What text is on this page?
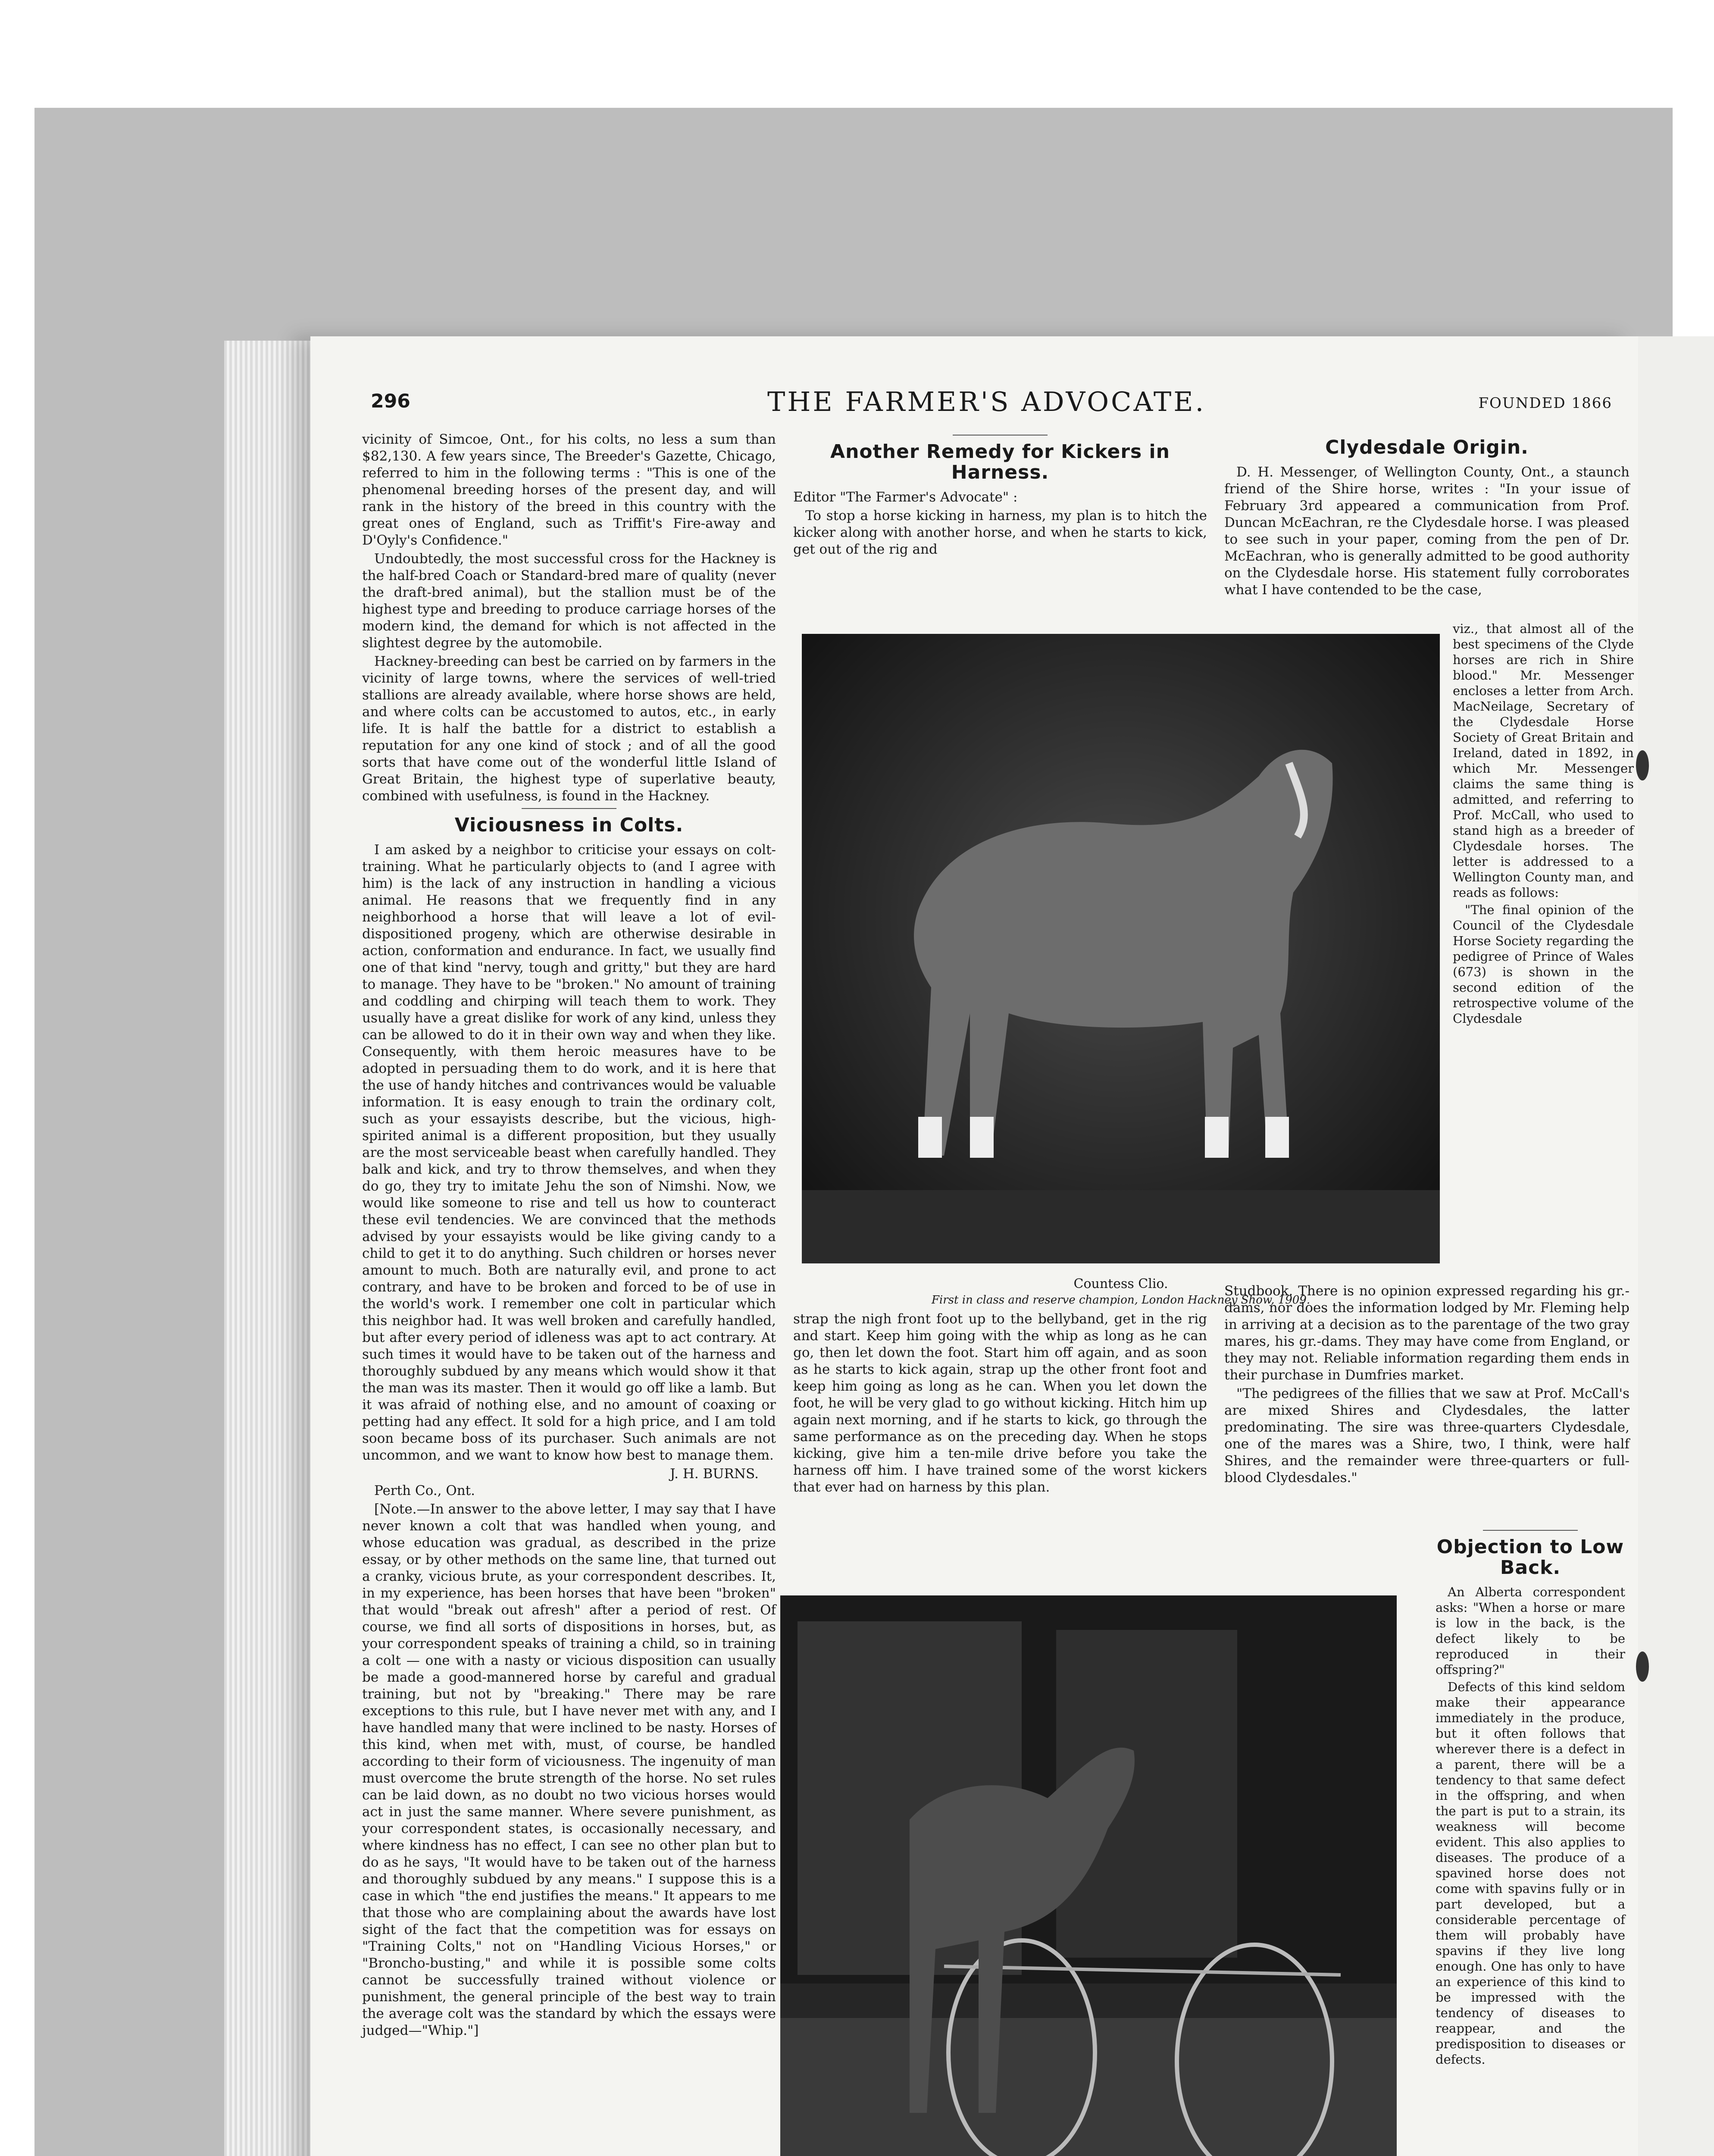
296	THE FARMER'S ADVOCATE.	FOUNDED 1866

vicinity of Simcoe, Ont., for his colts, no less a sum than $82,130. A few years since, The Breeder's Gazette, Chicago, referred to him in the following terms : "This is one of the phenomenal breeding horses of the present day, and will rank in the history of the breed in this country with the great ones of England, such as Triffit's Fire-away and D'Oyly's Confidence."

Undoubtedly, the most successful cross for the Hackney is the half-bred Coach or Standard-bred mare of quality (never the draft-bred animal), but the stallion must be of the highest type and breeding to produce carriage horses of the modern kind, the demand for which is not affected in the slightest degree by the automobile.

Hackney-breeding can best be carried on by farmers in the vicinity of large towns, where the services of well-tried stallions are already available, where horse shows are held, and where colts can be accustomed to autos, etc., in early life. It is half the battle for a district to establish a reputation for any one kind of stock ; and of all the good sorts that have come out of the wonderful little Island of Great Britain, the highest type of superlative beauty, combined with usefulness, is found in the Hackney.

Viciousness in Colts.

I am asked by a neighbor to criticise your essays on colt-training. What he particularly objects to (and I agree with him) is the lack of any instruction in handling a vicious animal. He reasons that we frequently find in any neighborhood a horse that will leave a lot of evil-dispositioned progeny, which are otherwise desirable in action, conformation and endurance. In fact, we usually find one of that kind "nervy, tough and gritty," but they are hard to manage. They have to be "broken." No amount of training and coddling and chirping will teach them to work. They usually have a great dislike for work of any kind, unless they can be allowed to do it in their own way and when they like. Consequently, with them heroic measures have to be adopted in persuading them to do work, and it is here that the use of handy hitches and contrivances would be valuable information. It is easy enough to train the ordinary colt, such as your essayists describe, but the vicious, high-spirited animal is a different proposition, but they usually are the most serviceable beast when carefully handled. They balk and kick, and try to throw themselves, and when they do go, they try to imitate Jehu the son of Nimshi. Now, we would like someone to rise and tell us how to counteract these evil tendencies. We are convinced that the methods advised by your essayists would be like giving candy to a child to get it to do anything. Such children or horses never amount to much. Both are naturally evil, and prone to act contrary, and have to be broken and forced to be of use in the world's work. I remember one colt in particular which this neighbor had. It was well broken and carefully handled, but after every period of idleness was apt to act contrary. At such times it would have to be taken out of the harness and thoroughly subdued by any means which would show it that the man was its master. Then it would go off like a lamb. But it was afraid of nothing else, and no amount of coaxing or petting had any effect. It sold for a high price, and I am told soon became boss of its purchaser. Such animals are not uncommon, and we want to know how best to manage them.

J. H. BURNS.

Perth Co., Ont.

[Note.—In answer to the above letter, I may say that I have never known a colt that was handled when young, and whose education was gradual, as described in the prize essay, or by other methods on the same line, that turned out a cranky, vicious brute, as your correspondent describes. It, in my experience, has been horses that have been "broken" that would "break out afresh" after a period of rest. Of course, we find all sorts of dispositions in horses, but, as your correspondent speaks of training a child, so in training a colt — one with a nasty or vicious disposition can usually be made a good-mannered horse by careful and gradual training, but not by "breaking." There may be rare exceptions to this rule, but I have never met with any, and I have handled many that were inclined to be nasty. Horses of this kind, when met with, must, of course, be handled according to their form of viciousness. The ingenuity of man must overcome the brute strength of the horse. No set rules can be laid down, as no doubt no two vicious horses would act in just the same manner. Where severe punishment, as your correspondent states, is occasionally necessary, and where kindness has no effect, I can see no other plan but to do as he says, "It would have to be taken out of the harness and thoroughly subdued by any means." I suppose this is a case in which "the end justifies the means." It appears to me that those who are complaining about the awards have lost sight of the fact that the competition was for essays on "Training Colts," not on "Handling Vicious Horses," or "Broncho-busting," and while it is possible some colts cannot be successfully trained without violence or punishment, the general principle of the best way to train the average colt was the standard by which the essays were judged—"Whip."]

Another Remedy for Kickers in Harness.

Editor "The Farmer's Advocate" :

To stop a horse kicking in harness, my plan is to hitch the kicker along with another horse, and when he starts to kick, get out of the rig and

Countess Clio.
First in class and reserve champion, London Hackney Show, 1909.

strap the nigh front foot up to the bellyband, get in the rig and start. Keep him going with the whip as long as he can go, then let down the foot. Start him off again, and as soon as he starts to kick again, strap up the other front foot and keep him going as long as he can. When you let down the foot, he will be very glad to go without kicking. Hitch him up again next morning, and if he starts to kick, go through the same performance as on the preceding day. When he stops kicking, give him a ten-mile drive before you take the harness off him. I have trained some of the worst kickers that ever had on harness by this plan.

Clydesdale Origin.

D. H. Messenger, of Wellington County, Ont., a staunch friend of the Shire horse, writes : "In your issue of February 3rd appeared a communication from Prof. Duncan McEachran, re the Clydesdale horse. I was pleased to see such in your paper, coming from the pen of Dr. McEachran, who is generally admitted to be good authority on the Clydesdale horse. His statement fully corroborates what I have contended to be the case,

viz., that almost all of the best specimens of the Clyde horses are rich in Shire blood." Mr. Messenger encloses a letter from Arch. MacNeilage, Secretary of the Clydesdale Horse Society of Great Britain and Ireland, dated in 1892, in which Mr. Messenger claims the same thing is admitted, and referring to Prof. McCall, who used to stand high as a breeder of Clydesdale horses. The letter is addressed to a Wellington County man, and reads as follows:

"The final opinion of the Council of the Clydesdale Horse Society regarding the pedigree of Prince of Wales (673) is shown in the second edition of the retrospective volume of the Clydesdale

Studbook. There is no opinion expressed regarding his gr.-dams, nor does the information lodged by Mr. Fleming help in arriving at a decision as to the parentage of the two gray mares, his gr.-dams. They may have come from England, or they may not. Reliable information regarding them ends in their purchase in Dumfries market.

"The pedigrees of the fillies that we saw at Prof. McCall's are mixed Shires and Clydesdales, the latter predominating. The sire was three-quarters Clydesdale, one of the mares was a Shire, two, I think, were half Shires, and the remainder were three-quarters or full-blood Clydesdales."

Objection to Low Back.

An Alberta correspondent asks: "When a horse or mare is low in the back, is the defect likely to be reproduced in their offspring?"

Defects of this kind seldom make their appearance immediately in the produce, but it often follows that wherever there is a defect in a parent, there will be a tendency to that same defect in the offspring, and when the part is put to a strain, its weakness will become evident. This also applies to diseases. The produce of a spavined horse does not come with spavins fully or in part developed, but a considerable percentage of them will probably have spavins if they live long enough. One has only to have an experience of this kind to be impressed with the tendency of diseases to reappear, and the predisposition to diseases or defects.
